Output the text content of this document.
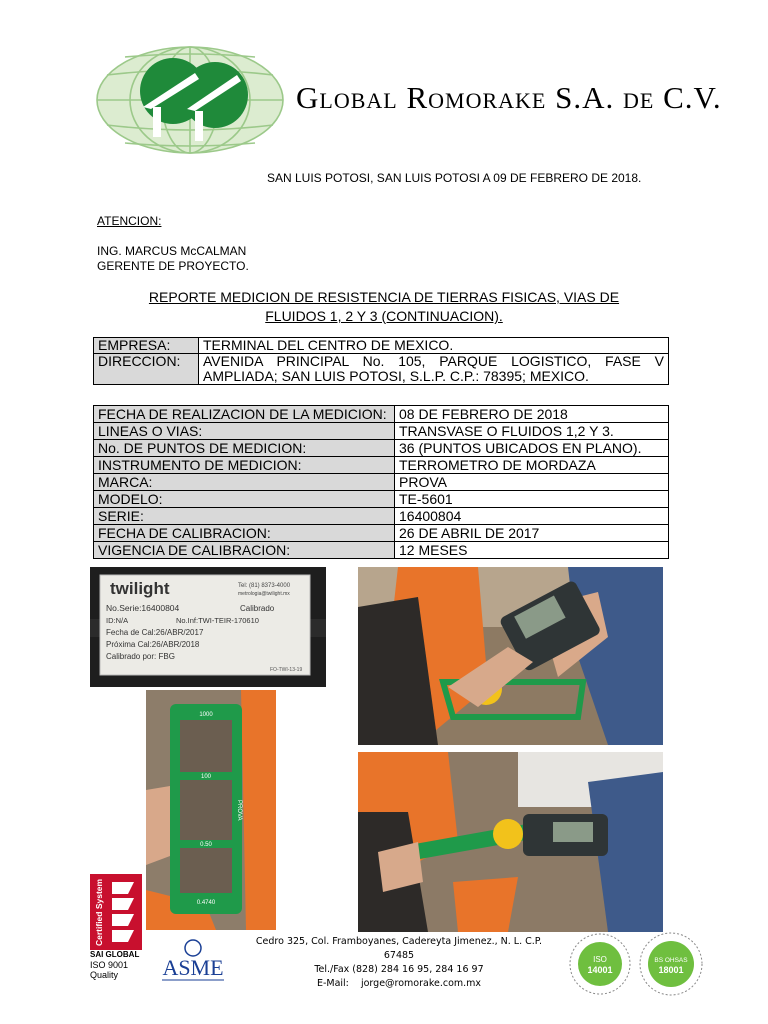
Global Romorake S.A. de C.V.
SAN LUIS POTOSI, SAN LUIS POTOSI A 09 DE FEBRERO DE 2018.
ATENCION:
ING. MARCUS McCALMAN
GERENTE DE PROYECTO.
REPORTE MEDICION DE RESISTENCIA DE TIERRAS FISICAS, VIAS DE
FLUIDOS 1, 2 Y 3 (CONTINUACION).
EMPRESA:	TERMINAL DEL CENTRO DE MEXICO.
DIRECCION:	AVENIDA PRINCIPAL No. 105, PARQUE LOGISTICO, FASE V AMPLIADA; SAN LUIS POTOSI, S.L.P. C.P.: 78395; MEXICO.
FECHA DE REALIZACION DE LA MEDICION:	08 DE FEBRERO DE 2018
LINEAS O VIAS:	TRANSVASE O FLUIDOS 1,2 Y 3.
No. DE PUNTOS DE MEDICION:	36 (PUNTOS UBICADOS EN PLANO).
INSTRUMENTO DE MEDICION:	TERROMETRO DE MORDAZA
MARCA:	PROVA
MODELO:	TE-5601
SERIE:	16400804
FECHA DE CALIBRACION:	26 DE ABRIL DE 2017
VIGENCIA DE CALIBRACION:	12 MESES
twilight	Tel: (81) 8373-4000
metrologia@twilight.mx
No.Serie:16400804	Calibrado
ID:N/A	No.Inf:TWI-TEIR-170610
Fecha de Cal:26/ABR/2017
Próxima Cal:26/ABR/2018
Calibrado por: FBG
FO-TWI-13-19
1000
100
0.50
0.4740
PROVA
Certified System
SAI GLOBAL
ISO 9001
Quality	ASME
Cedro 325, Col. Framboyanes, Cadereyta Jimenez., N. L. C.P. 67485
Tel./Fax (828) 284 16 95, 284 16 97
E-Mail: jorge@romorake.com.mx
ISO
14001
BS OHSAS
18001
